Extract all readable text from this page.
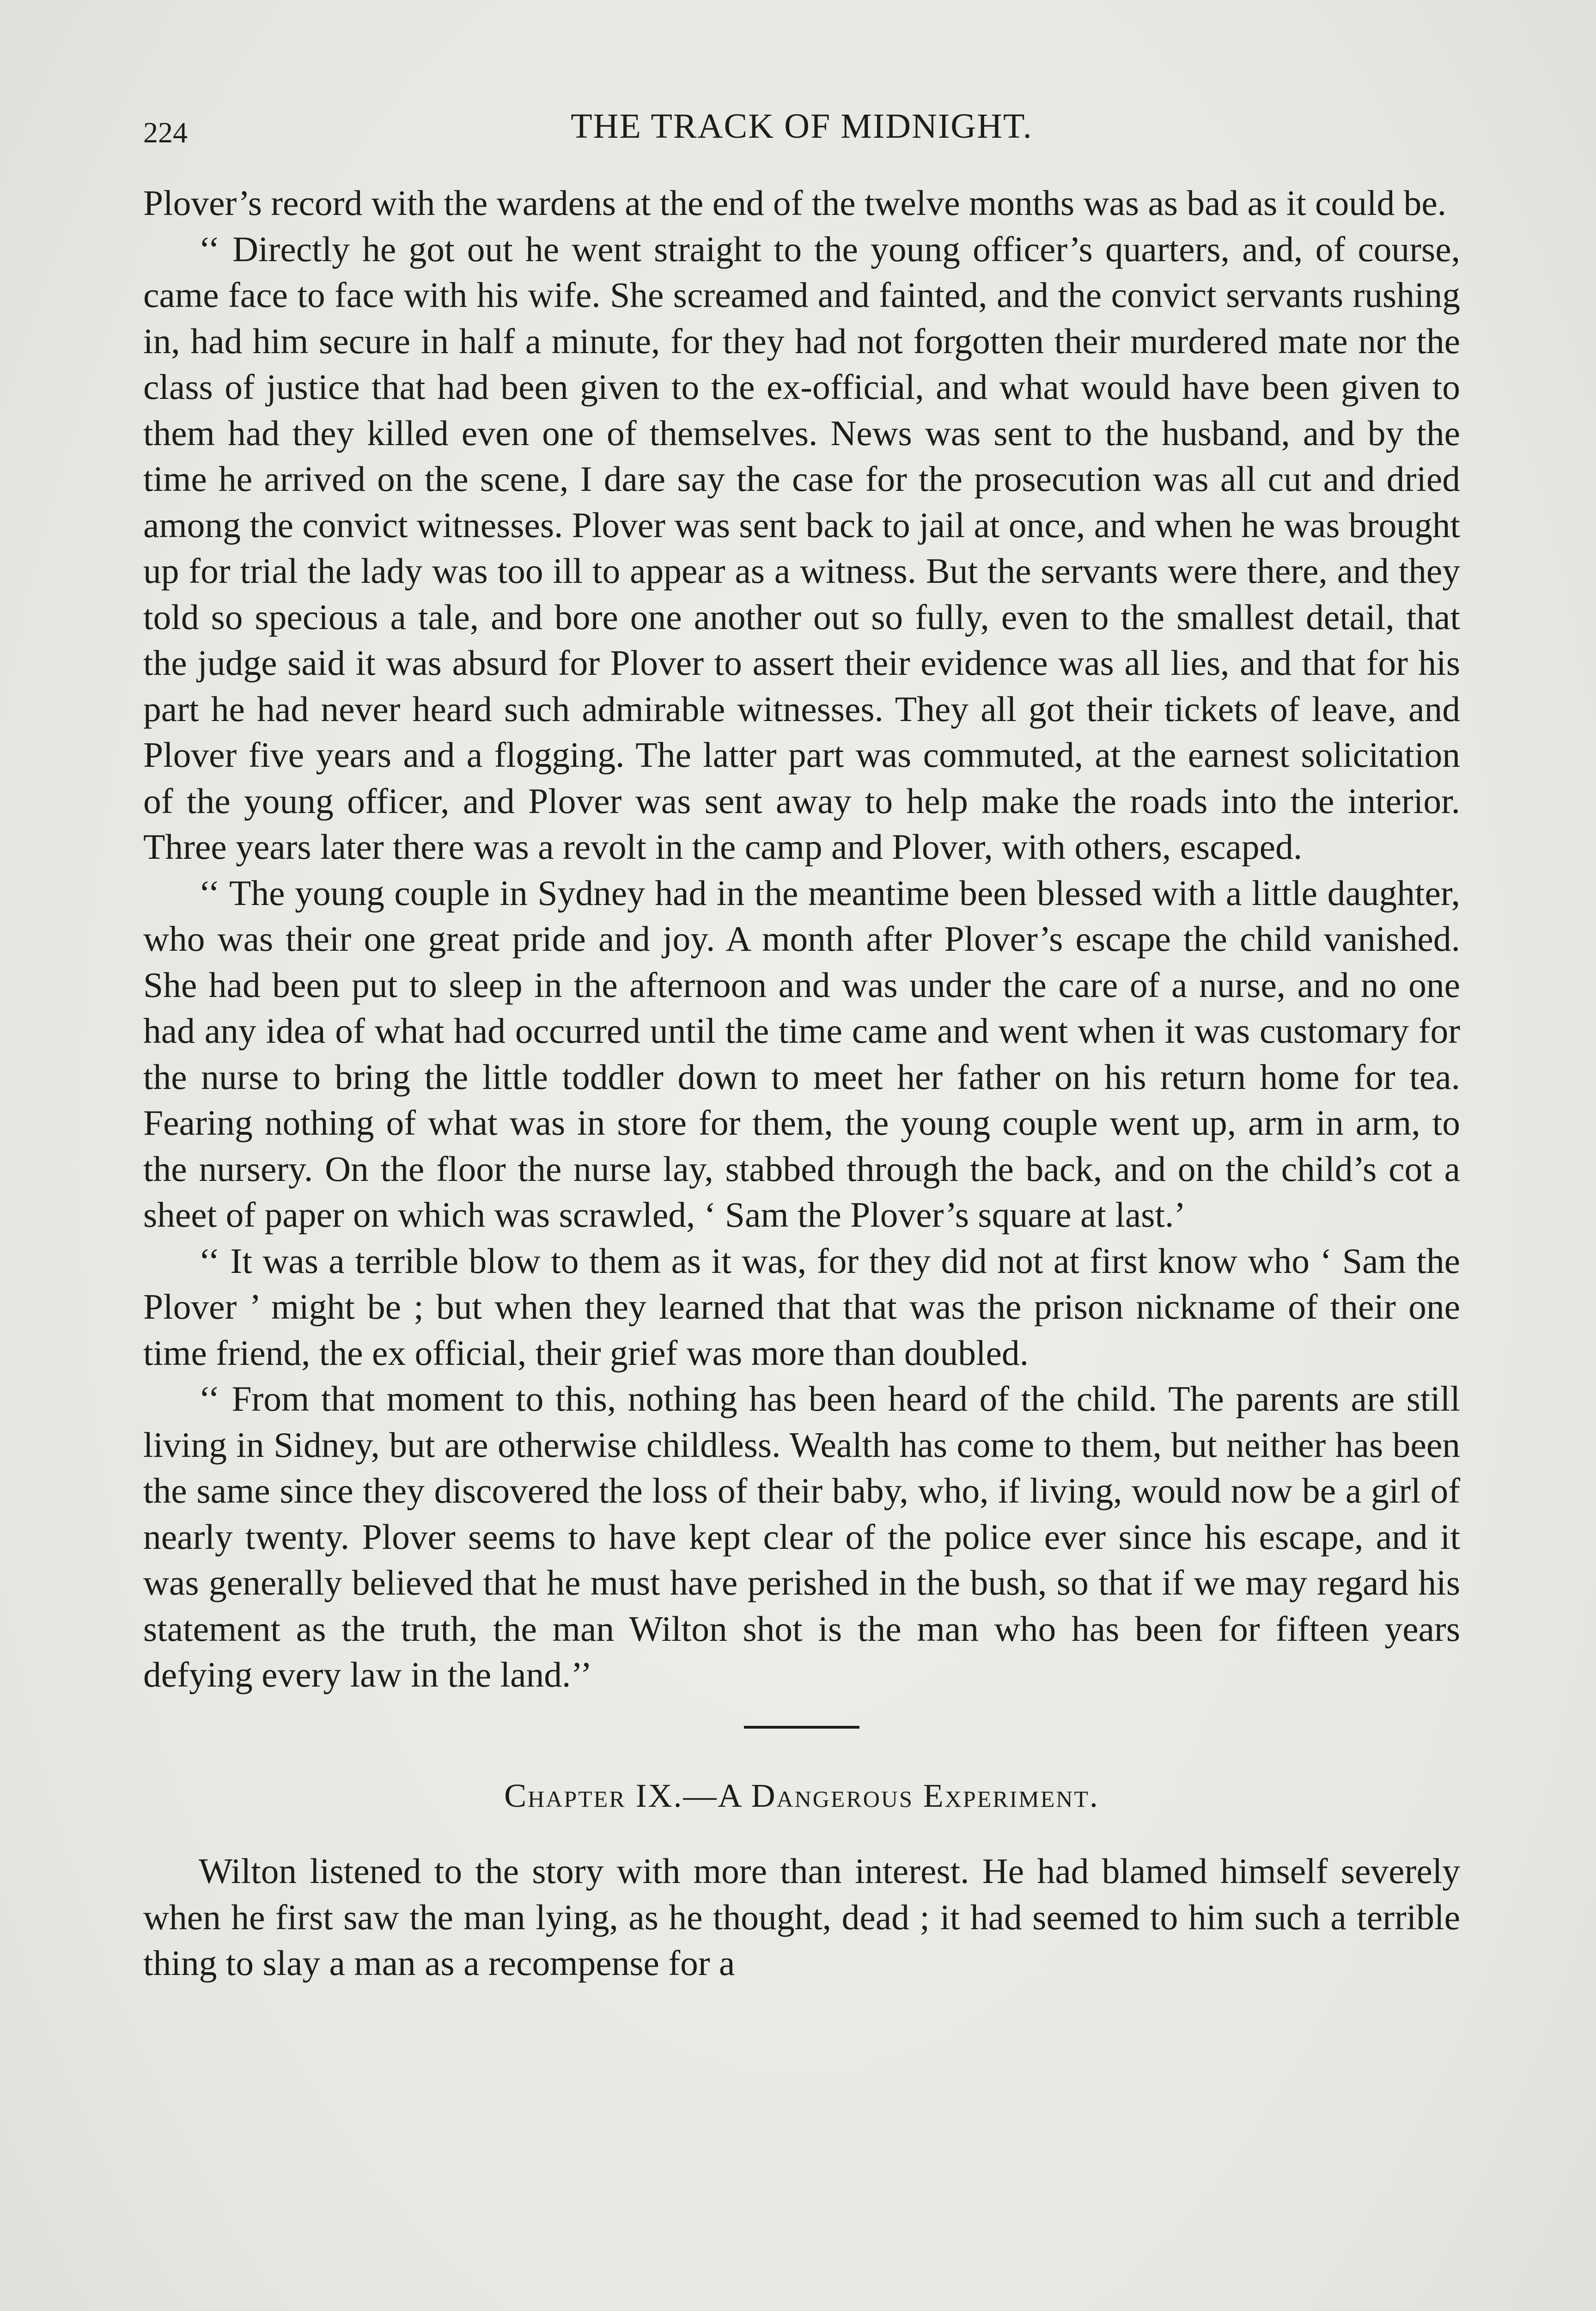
224	THE TRACK OF MIDNIGHT.

Plover’s record with the wardens at the end of the twelve months was as bad as it could be.

‘‘ Directly he got out he went straight to the young officer’s quarters, and, of course, came face to face with his wife. She screamed and fainted, and the convict servants rushing in, had him secure in half a minute, for they had not forgotten their murdered mate nor the class of justice that had been given to the ex-official, and what would have been given to them had they killed even one of themselves. News was sent to the husband, and by the time he arrived on the scene, I dare say the case for the prosecution was all cut and dried among the convict witnesses. Plover was sent back to jail at once, and when he was brought up for trial the lady was too ill to appear as a witness. But the servants were there, and they told so specious a tale, and bore one another out so fully, even to the smallest detail, that the judge said it was absurd for Plover to assert their evidence was all lies, and that for his part he had never heard such admirable witnesses. They all got their tickets of leave, and Plover five years and a flogging. The latter part was commuted, at the earnest solicitation of the young officer, and Plover was sent away to help make the roads into the interior. Three years later there was a revolt in the camp and Plover, with others, escaped.

‘‘ The young couple in Sydney had in the meantime been blessed with a little daughter, who was their one great pride and joy. A month after Plover’s escape the child vanished. She had been put to sleep in the afternoon and was under the care of a nurse, and no one had any idea of what had occurred until the time came and went when it was customary for the nurse to bring the little toddler down to meet her father on his return home for tea. Fearing nothing of what was in store for them, the young couple went up, arm in arm, to the nursery. On the floor the nurse lay, stabbed through the back, and on the child’s cot a sheet of paper on which was scrawled, ‘ Sam the Plover’s square at last.’

‘‘ It was a terrible blow to them as it was, for they did not at first know who ‘ Sam the Plover ’ might be ; but when they learned that that was the prison nickname of their one time friend, the ex official, their grief was more than doubled.

‘‘ From that moment to this, nothing has been heard of the child. The parents are still living in Sidney, but are otherwise childless. Wealth has come to them, but neither has been the same since they discovered the loss of their baby, who, if living, would now be a girl of nearly twenty. Plover seems to have kept clear of the police ever since his escape, and it was generally believed that he must have perished in the bush, so that if we may regard his statement as the truth, the man Wilton shot is the man who has been for fifteen years defying every law in the land.’’

Chapter IX.—A Dangerous Experiment.

Wilton listened to the story with more than interest. He had blamed himself severely when he first saw the man lying, as he thought, dead ; it had seemed to him such a terrible thing to slay a man as a recompense for a
